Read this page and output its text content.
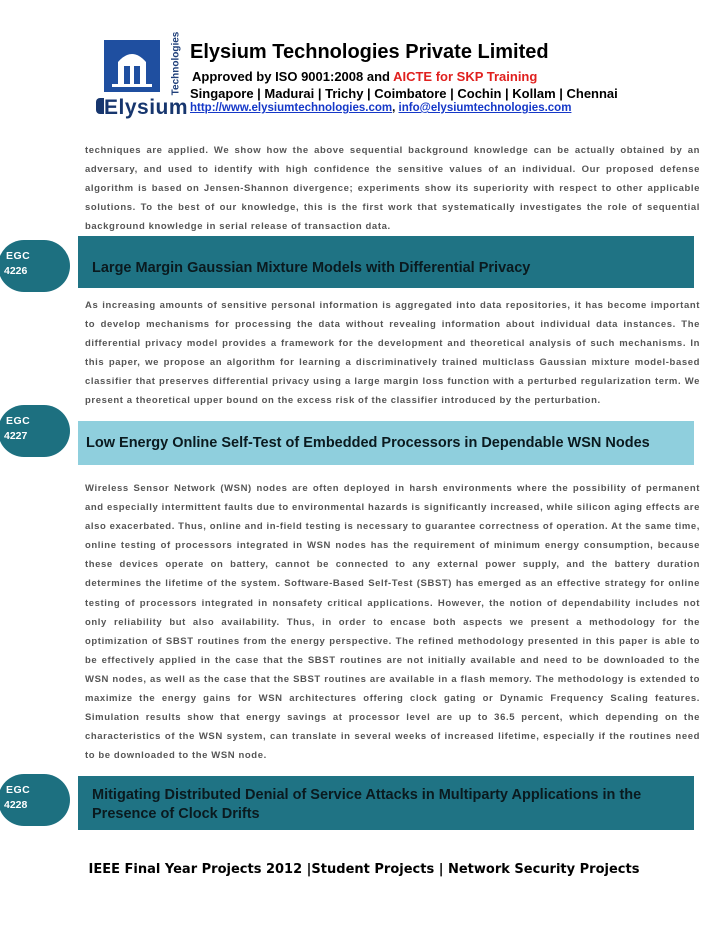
Technologies
Elysium
Elysium Technologies Private Limited
Approved by ISO 9001:2008 and AICTE for SKP Training
Singapore | Madurai | Trichy | Coimbatore | Cochin | Kollam | Chennai
http://www.elysiumtechnologies.com, info@elysiumtechnologies.com

techniques are applied. We show how the above sequential background knowledge can be actually obtained by an adversary, and used to identify with high confidence the sensitive values of an individual. Our proposed defense algorithm is based on Jensen-Shannon divergence; experiments show its superiority with respect to other applicable solutions. To the best of our knowledge, this is the first work that systematically investigates the role of sequential background knowledge in serial release of transaction data.

EGC
4226	Large Margin Gaussian Mixture Models with Differential Privacy

As increasing amounts of sensitive personal information is aggregated into data repositories, it has become important to develop mechanisms for processing the data without revealing information about individual data instances. The differential privacy model provides a framework for the development and theoretical analysis of such mechanisms. In this paper, we propose an algorithm for learning a discriminatively trained multiclass Gaussian mixture model-based classifier that preserves differential privacy using a large margin loss function with a perturbed regularization term. We present a theoretical upper bound on the excess risk of the classifier introduced by the perturbation.

EGC
4227	Low Energy Online Self-Test of Embedded Processors in Dependable WSN Nodes

Wireless Sensor Network (WSN) nodes are often deployed in harsh environments where the possibility of permanent and especially intermittent faults due to environmental hazards is significantly increased, while silicon aging effects are also exacerbated. Thus, online and in-field testing is necessary to guarantee correctness of operation. At the same time, online testing of processors integrated in WSN nodes has the requirement of minimum energy consumption, because these devices operate on battery, cannot be connected to any external power supply, and the battery duration determines the lifetime of the system. Software-Based Self-Test (SBST) has emerged as an effective strategy for online testing of processors integrated in nonsafety critical applications. However, the notion of dependability includes not only reliability but also availability. Thus, in order to encase both aspects we present a methodology for the optimization of SBST routines from the energy perspective. The refined methodology presented in this paper is able to be effectively applied in the case that the SBST routines are not initially available and need to be downloaded to the WSN nodes, as well as the case that the SBST routines are available in a flash memory. The methodology is extended to maximize the energy gains for WSN architectures offering clock gating or Dynamic Frequency Scaling features. Simulation results show that energy savings at processor level are up to 36.5 percent, which depending on the characteristics of the WSN system, can translate in several weeks of increased lifetime, especially if the routines need to be downloaded to the WSN node.

EGC
4228
Mitigating Distributed Denial of Service Attacks in Multiparty Applications in the
Presence of Clock Drifts
IEEE Final Year Projects 2012 |Student Projects | Network Security Projects
